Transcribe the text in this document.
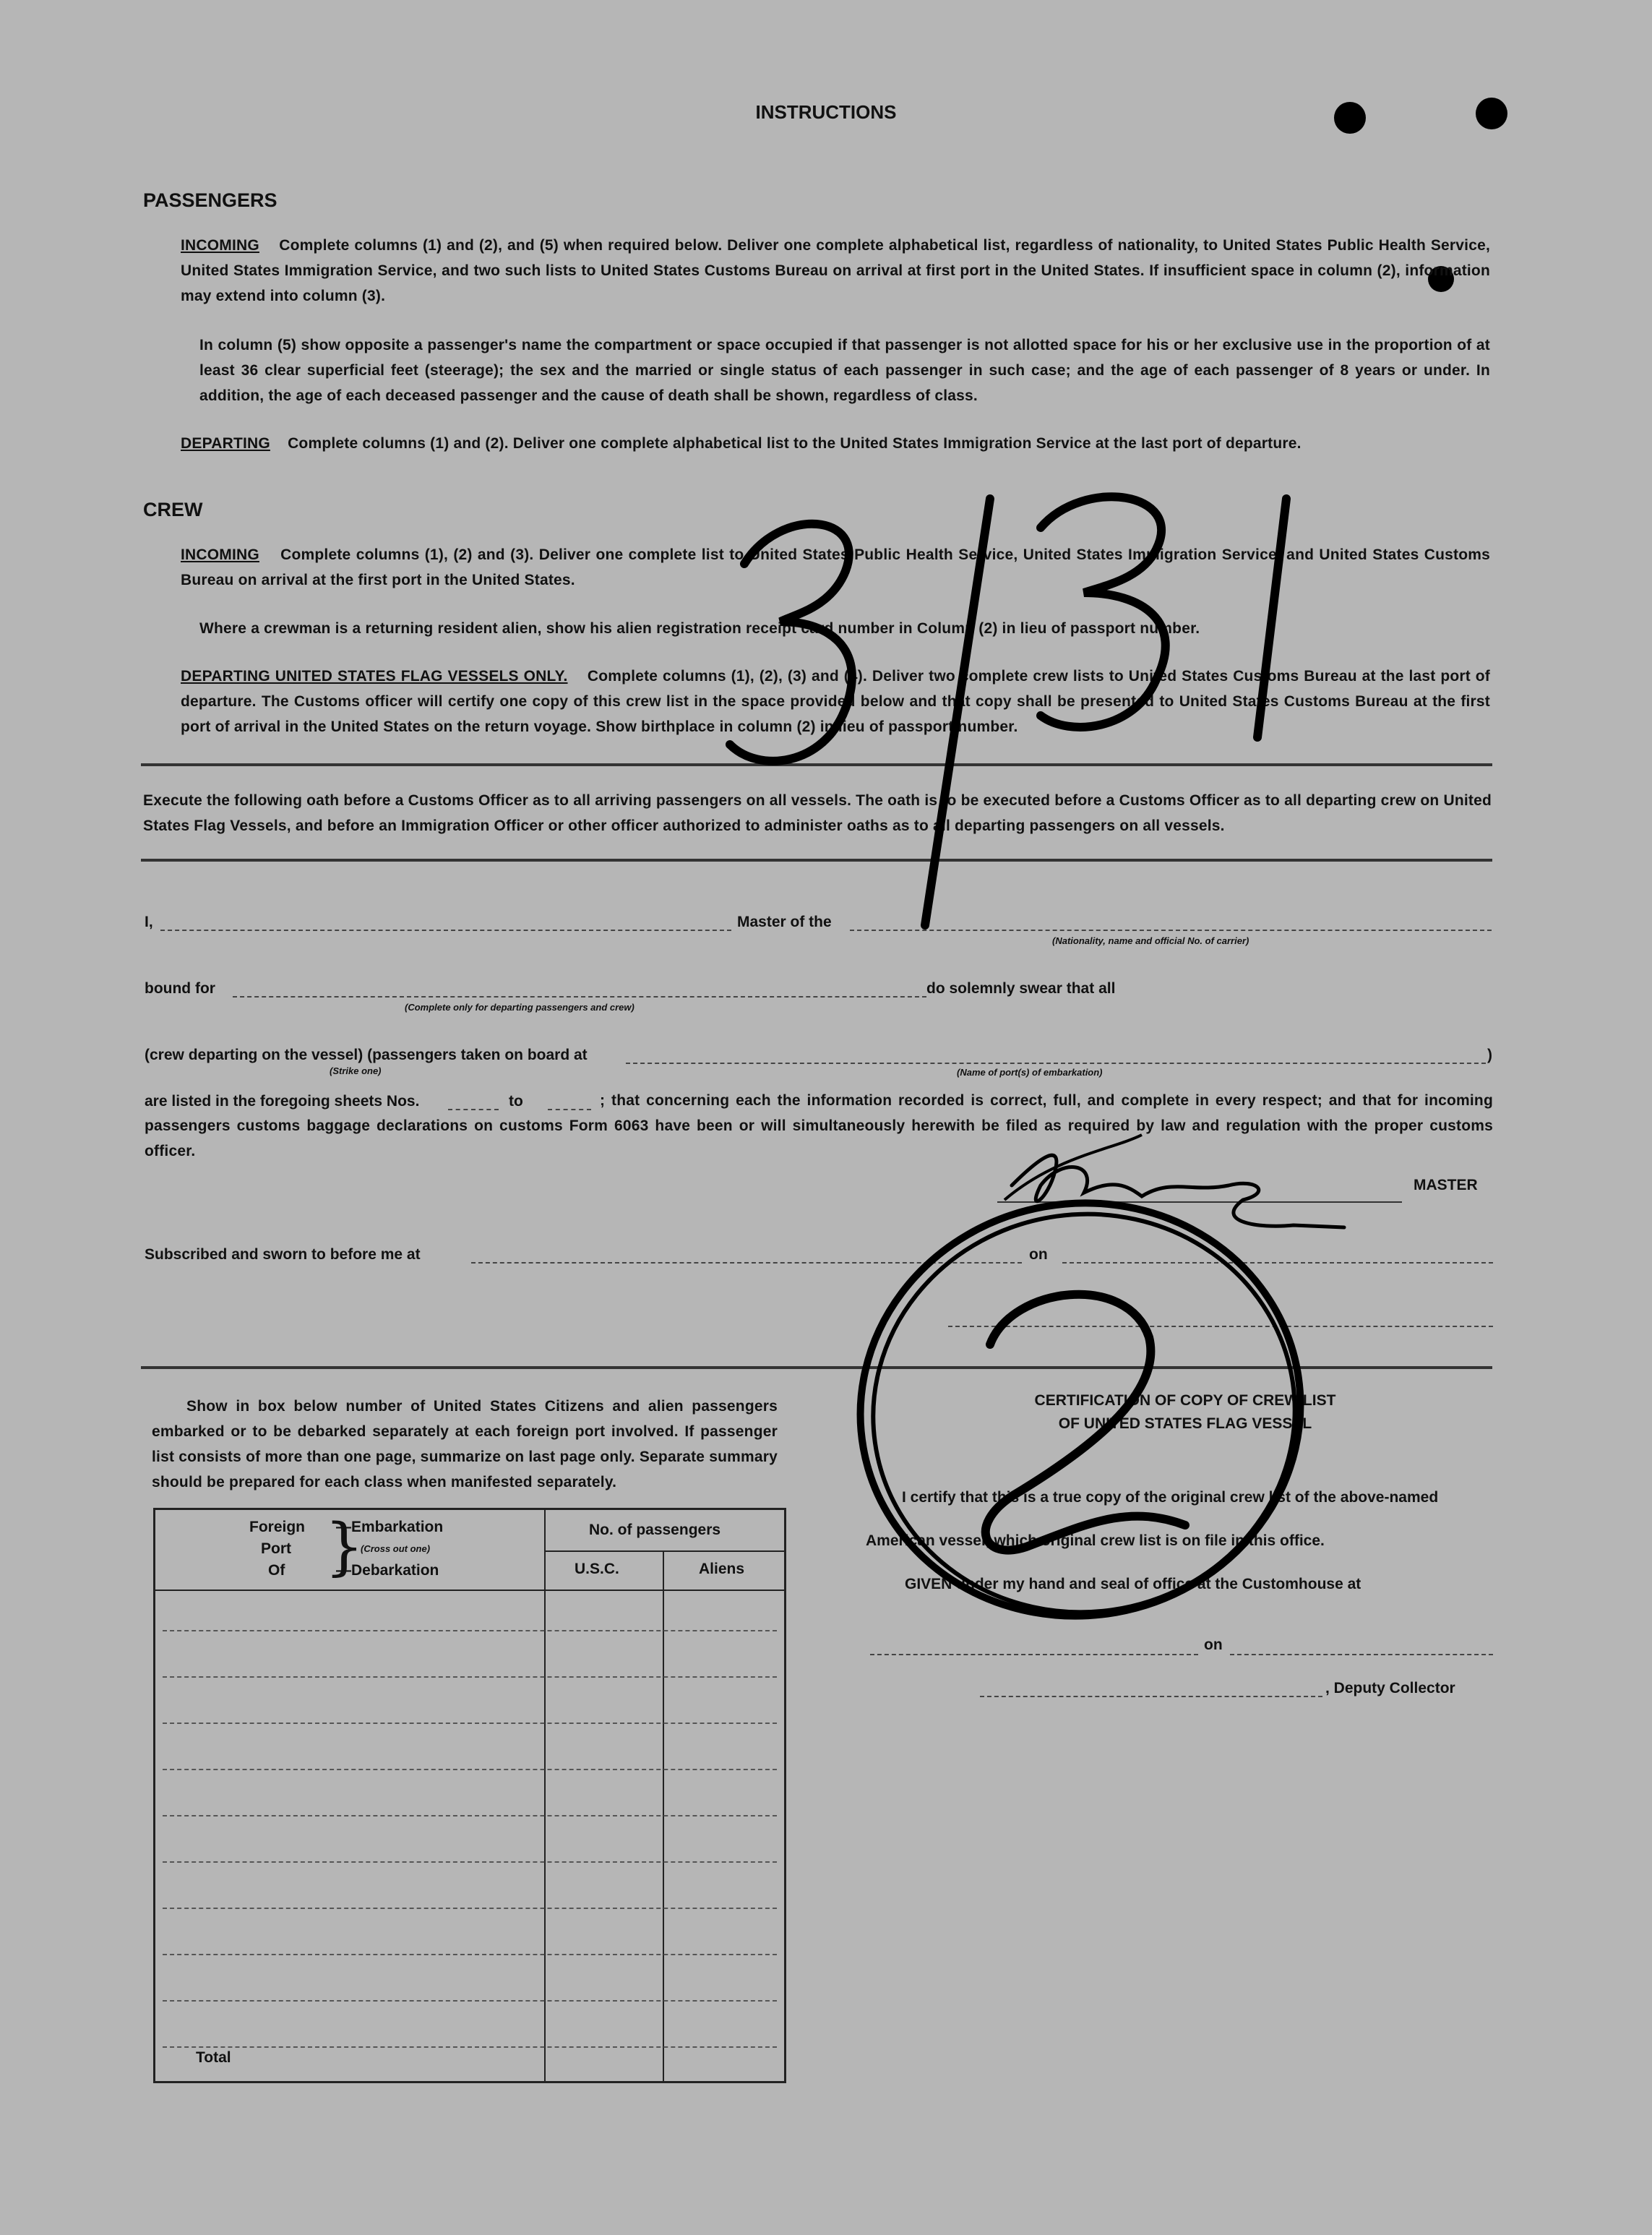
INSTRUCTIONS
PASSENGERS
INCOMING Complete columns (1) and (2), and (5) when required below. Deliver one complete alphabetical list, regardless of nationality, to United States Public Health Service, United States Immigration Service, and two such lists to United States Customs Bureau on arrival at first port in the United States. If insufficient space in column (2), information may extend into column (3).
In column (5) show opposite a passenger's name the compartment or space occupied if that passenger is not allotted space for his or her exclusive use in the proportion of at least 36 clear superficial feet (steerage); the sex and the married or single status of each passenger in such case; and the age of each passenger of 8 years or under. In addition, the age of each deceased passenger and the cause of death shall be shown, regardless of class.
DEPARTING Complete columns (1) and (2). Deliver one complete alphabetical list to the United States Immigration Service at the last port of departure.
CREW
INCOMING Complete columns (1), (2) and (3). Deliver one complete list to United States Public Health Service, United States Immigration Service, and United States Customs Bureau on arrival at the first port in the United States.
Where a crewman is a returning resident alien, show his alien registration receipt card number in Column (2) in lieu of passport number.
DEPARTING UNITED STATES FLAG VESSELS ONLY. Complete columns (1), (2), (3) and (4). Deliver two complete crew lists to United States Customs Bureau at the last port of departure. The Customs officer will certify one copy of this crew list in the space provided below and that copy shall be presented to United States Customs Bureau at the first port of arrival in the United States on the return voyage. Show birthplace in column (2) in lieu of passport number.
Execute the following oath before a Customs Officer as to all arriving passengers on all vessels. The oath is to be executed before a Customs Officer as to all departing crew on United States Flag Vessels, and before an Immigration Officer or other officer authorized to administer oaths as to all departing passengers on all vessels.
I,	Master of the
(Nationality, name and official No. of carrier)
bound for
(Complete only for departing passengers and crew)
do solemnly swear that all
(crew departing on the vessel) (passengers taken on board at
(Strike one)	(Name of port(s) of embarkation)
)
are listed in the foregoing sheets Nos.	to	; that concerning each the information recorded is correct, full, and complete in every respect; and that for incoming passengers customs baggage declarations on customs Form 6063 have been or will simultaneously herewith be filed as required by law and regulation with the proper customs officer.
MASTER
Subscribed and sworn to before me at	on
Show in box below number of United States Citizens and alien passengers embarked or to be debarked separately at each foreign port involved. If passenger list consists of more than one page, summarize on last page only. Separate summary should be prepared for each class when manifested separately.
Foreign
Port
Of }
—Embarkation
(Cross out one)
—Debarkation
No. of passengers
U.S.C.	Aliens
Total
CERTIFICATION OF COPY OF CREW LIST
OF UNITED STATES FLAG VESSEL
I certify that this is a true copy of the original crew list of the above-named
American vessel, which original crew list is on file in this office.
GIVEN under my hand and seal of office at the Customhouse at
on
, Deputy Collector
